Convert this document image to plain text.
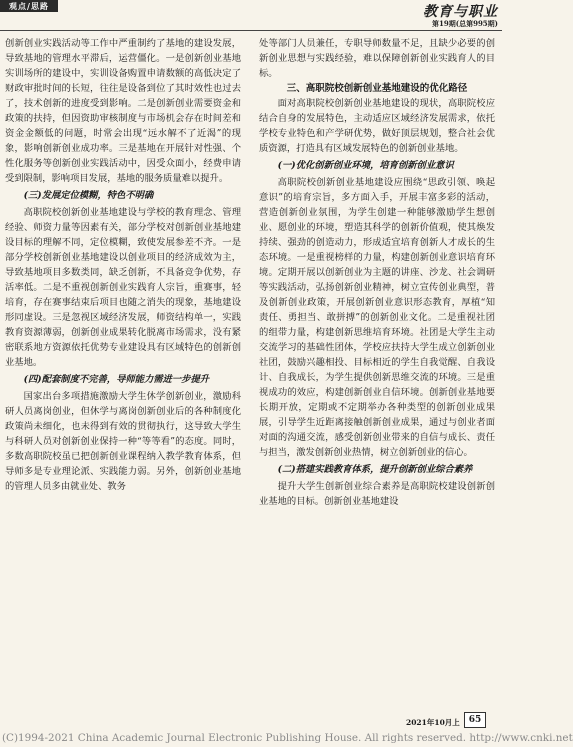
观点/思路	教育与职业
第19期(总第995期)

创新创业实践活动等工作中严重制约了基地的建设发展，导致基地的管理水平滞后，运营僵化。一是创新创业基地实训场所的建设中，实训设备购置申请数额的高低决定了财政审批时间的长短，往往是设备到位了其时效性也过去了，技术创新的进度受到影响。二是创新创业需要资金和政策的扶持，但因资助审核制度与市场机会存在时间差和资金金额低的问题，时常会出现“远水解不了近渴”的现象，影响创新创业成功率。三是基地在开展针对性强、个性化服务等创新创业实践活动中，因受众面小，经费申请受到限制，影响项目发展，基地的服务质量难以提升。

(三)发展定位模糊，特色不明确

高职院校创新创业基地建设与学校的教育理念、管理经验、师资力量等因素有关，部分学校对创新创业基地建设目标的理解不同，定位模糊，致使发展参差不齐。一是部分学校创新创业基地建设以创业项目的经济成效为主，导致基地项目多数类同，缺乏创新，不具备竞争优势，存活率低。二是不重视创新创业实践育人宗旨，重赛事，轻培育，存在赛事结束后项目也随之消失的现象，基地建设形同虚设。三是忽视区域经济发展，师资结构单一，实践教育资源薄弱，创新创业成果转化脱离市场需求，没有紧密联系地方资源依托优势专业建设具有区域特色的创新创业基地。

(四)配套制度不完善，导师能力需进一步提升

国家出台多项措施激励大学生休学创新创业，激励科研人员离岗创业，但休学与离岗创新创业后的各种制度化政策尚未细化，也未得到有效的贯彻执行，这导致大学生与科研人员对创新创业保持一种“等等看”的态度。同时，多数高职院校虽已把创新创业课程纳入教学教育体系，但导师多是专业理论派、实践能力弱。另外，创新创业基地的管理人员多由就业处、教务

处等部门人员兼任，专职导师数量不足，且缺少必要的创新创业思想与实践经验，难以保障创新创业实践育人的目标。

三、高职院校创新创业基地建设的优化路径

面对高职院校创新创业基地建设的现状，高职院校应结合自身的发展特色，主动适应区域经济发展需求，依托学校专业特色和产学研优势，做好顶层规划，整合社会优质资源，打造具有区域发展特色的创新创业基地。

(一)优化创新创业环境，培育创新创业意识

高职院校创新创业基地建设应围绕“思政引领、唤起意识”的培育宗旨，多方面入手，开展丰富多彩的活动，营造创新创业氛围，为学生创建一种能够激励学生想创业、愿创业的环境，塑造其科学的创新价值观，使其焕发持续、强劲的创造动力，形成适宜培育创新人才成长的生态环境。一是重视榜样的力量，构建创新创业意识培育环境。定期开展以创新创业为主题的讲座、沙龙、社会调研等实践活动，弘扬创新创业精神，树立宣传创业典型，普及创新创业政策，开展创新创业意识形态教育，厚植“知责任、勇担当、敢拼搏”的创新创业文化。二是重视社团的组带力量，构建创新思维培育环境。社团是大学生主动交流学习的基础性团体，学校应扶持大学生成立创新创业社团，鼓励兴趣相投、目标相近的学生自我觉醒、自我设计、自我成长，为学生提供创新思维交流的环境。三是重视成功的效应，构建创新创业自信环境。创新创业基地要长期开放，定期或不定期举办各种类型的创新创业成果展，引导学生近距离接触创新创业成果，通过与创业者面对面的沟通交流，感受创新创业带来的自信与成长、责任与担当，激发创新创业热情，树立创新创业的信心。

(二)搭建实践教育体系，提升创新创业综合素养

提升大学生创新创业综合素养是高职院校建设创新创业基地的目标。创新创业基地建设

2021年10月上 65
(C)1994-2021 China Academic Journal Electronic Publishing House. All rights reserved. http://www.cnki.net
